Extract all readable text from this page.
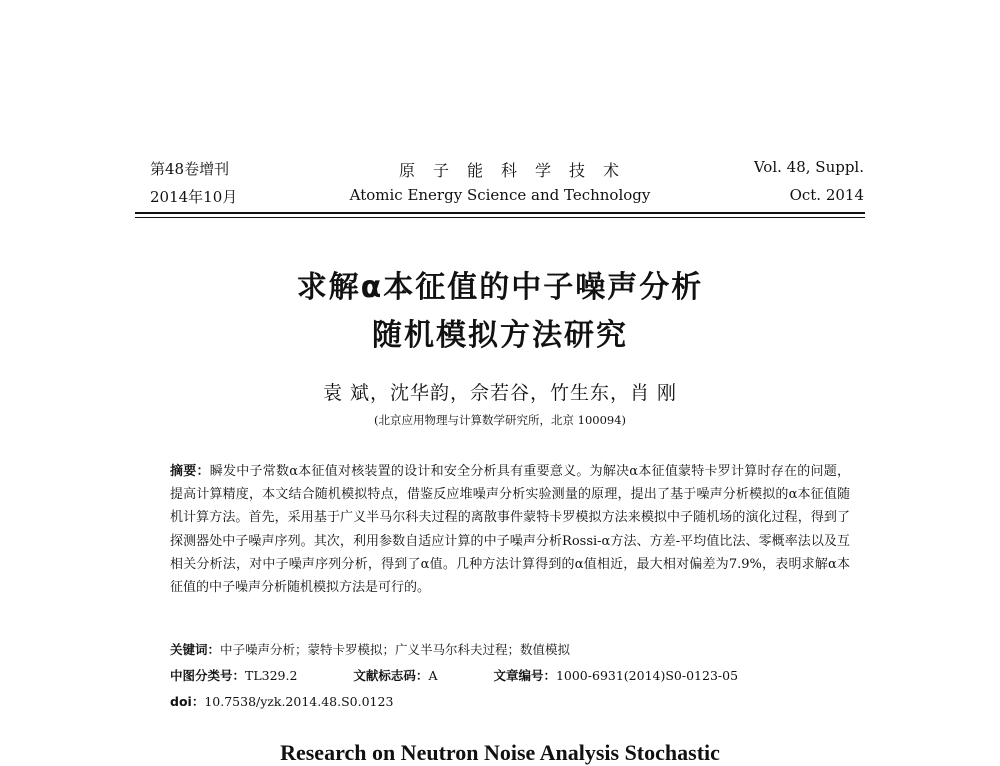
第48卷增刊
2014年10月
原子能科学技术
Atomic Energy Science and Technology
Vol. 48, Suppl.
Oct. 2014
求解α本征值的中子噪声分析
随机模拟方法研究
袁 斌，沈华韵，佘若谷，竹生东，肖 刚
(北京应用物理与计算数学研究所，北京 100094)
摘要：瞬发中子常数α本征值对核装置的设计和安全分析具有重要意义。为解决α本征值蒙特卡罗计算时存在的问题，提高计算精度，本文结合随机模拟特点，借鉴反应堆噪声分析实验测量的原理，提出了基于噪声分析模拟的α本征值随机计算方法。首先，采用基于广义半马尔科夫过程的离散事件蒙特卡罗模拟方法来模拟中子随机场的演化过程，得到了探测器处中子噪声序列。其次，利用参数自适应计算的中子噪声分析Rossi-α方法、方差-平均值比法、零概率法以及互相关分析法，对中子噪声序列分析，得到了α值。几种方法计算得到的α值相近，最大相对偏差为7.9%，表明求解α本征值的中子噪声分析随机模拟方法是可行的。
关键词：中子噪声分析；蒙特卡罗模拟；广义半马尔科夫过程；数值模拟
中图分类号：TL329.2	文献标志码：A	文章编号：1000-6931(2014)S0-0123-05
doi：10.7538/yzk.2014.48.S0.0123
Research on Neutron Noise Analysis Stochastic
